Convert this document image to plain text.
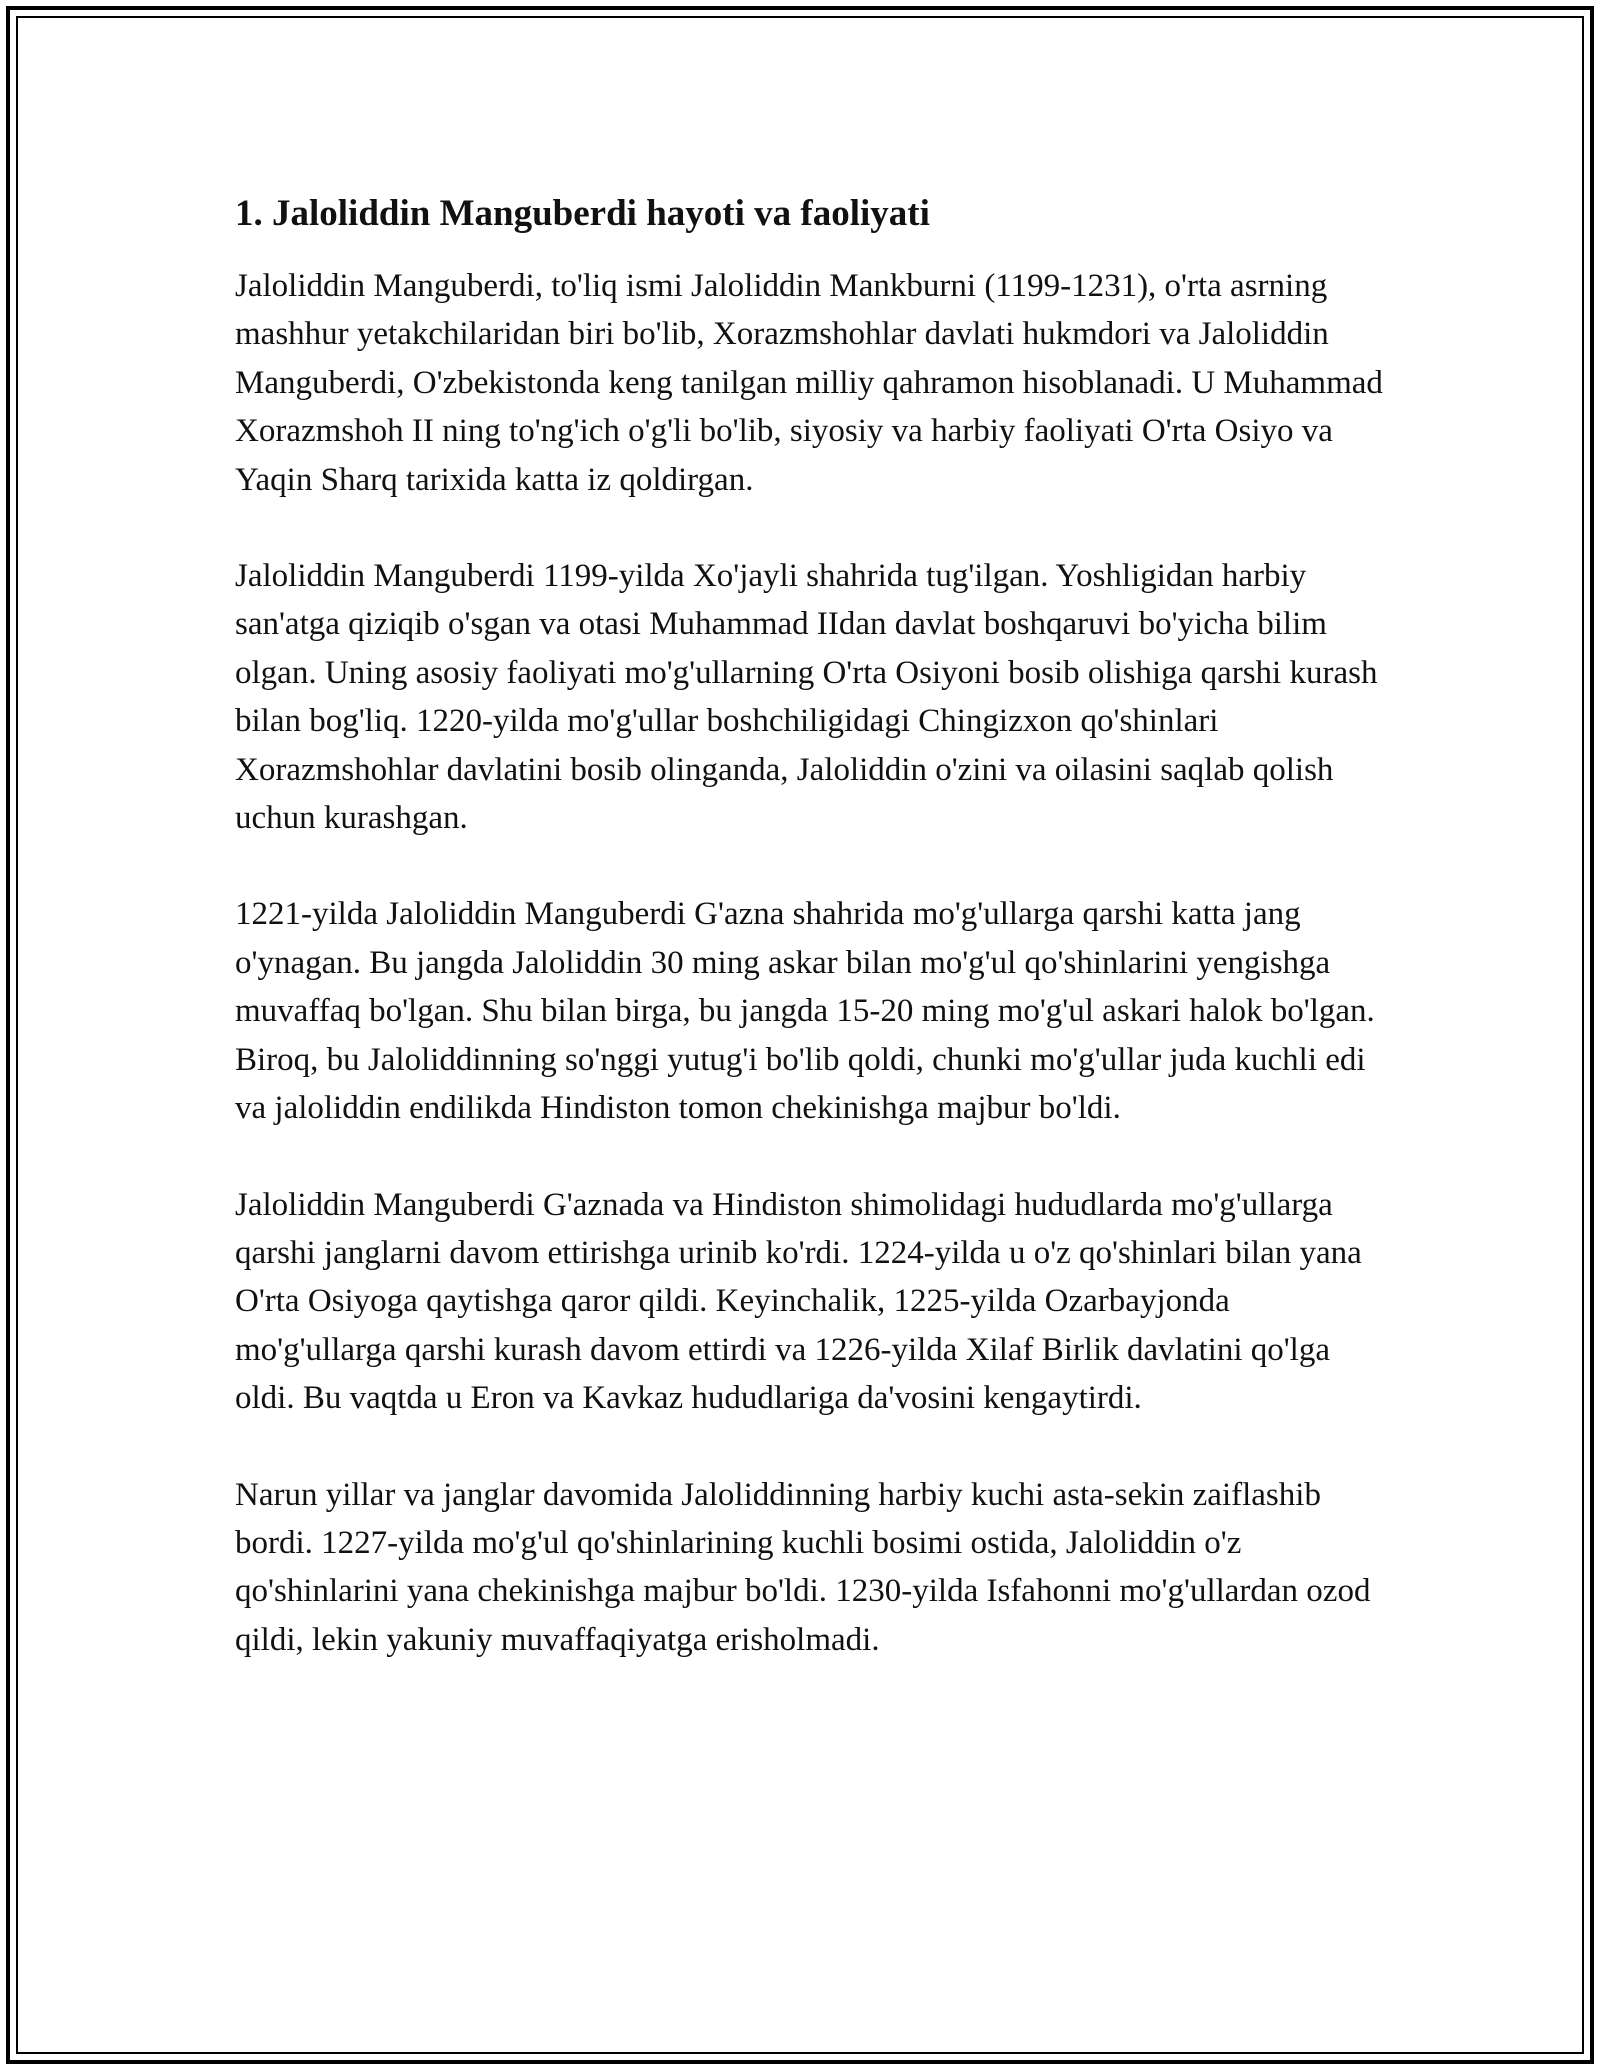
1. Jaloliddin Manguberdi hayoti va faoliyati

Jaloliddin Manguberdi, to'liq ismi Jaloliddin Mankburni (1199-1231), o'rta asrning mashhur yetakchilaridan biri bo'lib, Xorazmshohlar davlati hukmdori va Jaloliddin Manguberdi, O'zbekistonda keng tanilgan milliy qahramon hisoblanadi. U Muhammad Xorazmshoh II ning to'ng'ich o'g'li bo'lib, siyosiy va harbiy faoliyati O'rta Osiyo va Yaqin Sharq tarixida katta iz qoldirgan.

Jaloliddin Manguberdi 1199-yilda Xo'jayli shahrida tug'ilgan. Yoshligidan harbiy san'atga qiziqib o'sgan va otasi Muhammad IIdan davlat boshqaruvi bo'yicha bilim olgan. Uning asosiy faoliyati mo'g'ullarning O'rta Osiyoni bosib olishiga qarshi kurash bilan bog'liq. 1220-yilda mo'g'ullar boshchiligidagi Chingizxon qo'shinlari Xorazmshohlar davlatini bosib olinganda, Jaloliddin o'zini va oilasini saqlab qolish uchun kurashgan.

1221-yilda Jaloliddin Manguberdi G'azna shahrida mo'g'ullarga qarshi katta jang o'ynagan. Bu jangda Jaloliddin 30 ming askar bilan mo'g'ul qo'shinlarini yengishga muvaffaq bo'lgan. Shu bilan birga, bu jangda 15-20 ming mo'g'ul askari halok bo'lgan. Biroq, bu Jaloliddinning so'nggi yutug'i bo'lib qoldi, chunki mo'g'ullar juda kuchli edi va jaloliddin endilikda Hindiston tomon chekinishga majbur bo'ldi.

Jaloliddin Manguberdi G'aznada va Hindiston shimolidagi hududlarda mo'g'ullarga qarshi janglarni davom ettirishga urinib ko'rdi. 1224-yilda u o'z qo'shinlari bilan yana O'rta Osiyoga qaytishga qaror qildi. Keyinchalik, 1225-yilda Ozarbayjonda mo'g'ullarga qarshi kurash davom ettirdi va 1226-yilda Xilaf Birlik davlatini qo'lga oldi. Bu vaqtda u Eron va Kavkaz hududlariga da'vosini kengaytirdi.

Narun yillar va janglar davomida Jaloliddinning harbiy kuchi asta-sekin zaiflashib bordi. 1227-yilda mo'g'ul qo'shinlarining kuchli bosimi ostida, Jaloliddin o'z qo'shinlarini yana chekinishga majbur bo'ldi. 1230-yilda Isfahonni mo'g'ullardan ozod qildi, lekin yakuniy muvaffaqiyatga erisholmadi.
